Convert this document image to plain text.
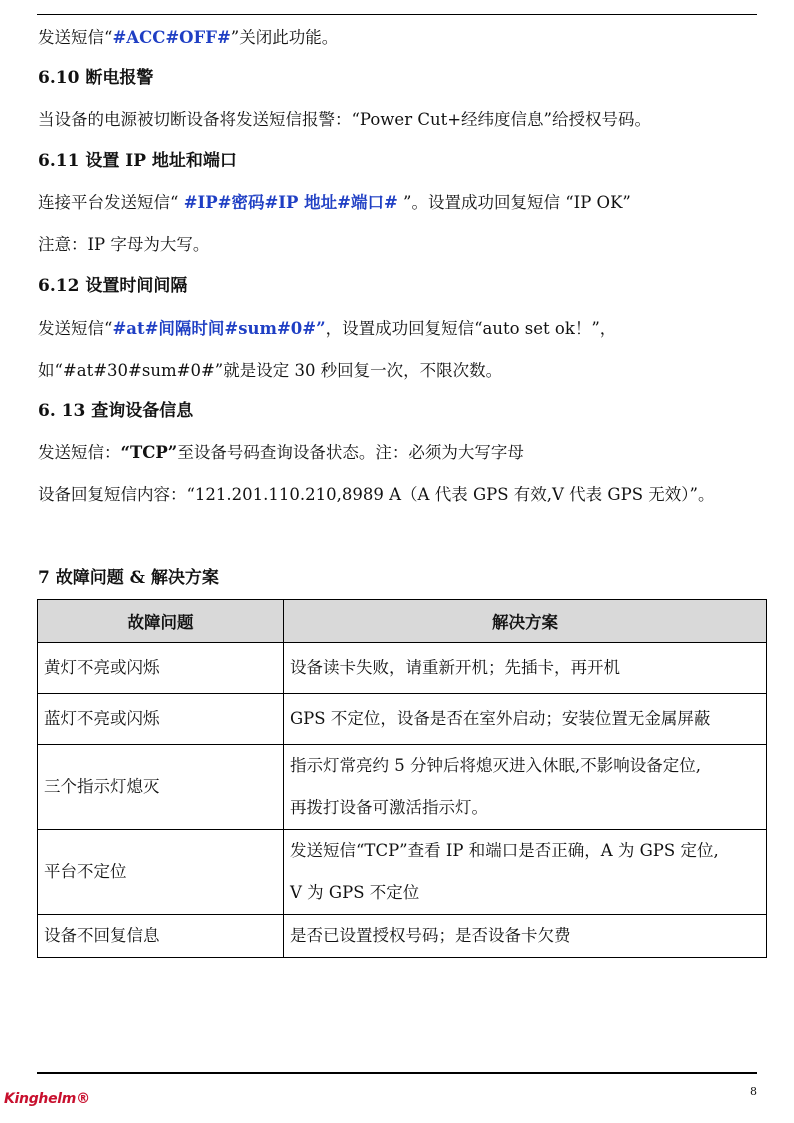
发送短信“#ACC#OFF#”关闭此功能。
6.10 断电报警
当设备的电源被切断设备将发送短信报警：“Power Cut+经纬度信息”给授权号码。
6.11 设置 IP 地址和端口
连接平台发送短信“ #IP#密码#IP 地址#端口# ”。设置成功回复短信 “IP OK”
注意：IP 字母为大写。
6.12 设置时间间隔
发送短信“#at#间隔时间#sum#0#”，设置成功回复短信“auto set ok！”，
如“#at#30#sum#0#”就是设定 30 秒回复一次，不限次数。
6. 13 查询设备信息
发送短信：“TCP”至设备号码查询设备状态。注：必须为大写字母
设备回复短信内容：“121.201.110.210,8989 A（A 代表 GPS 有效,V 代表 GPS 无效）”。
7 故障问题 & 解决方案
故障问题	解决方案
黄灯不亮或闪烁	设备读卡失败，请重新开机；先插卡，再开机

蓝灯不亮或闪烁	GPS 不定位，设备是否在室外启动；安装位置无金属屏蔽

三个指示灯熄灭	指示灯常亮约 5 分钟后将熄灭进入休眠,不影响设备定位,
再拨打设备可激活指示灯。

平台不定位	发送短信“TCP”查看 IP 和端口是否正确，A 为 GPS 定位,
V 为 GPS 不定位

设备不回复信息	是否已设置授权号码；是否设备卡欠费
Kinghelm®	8
